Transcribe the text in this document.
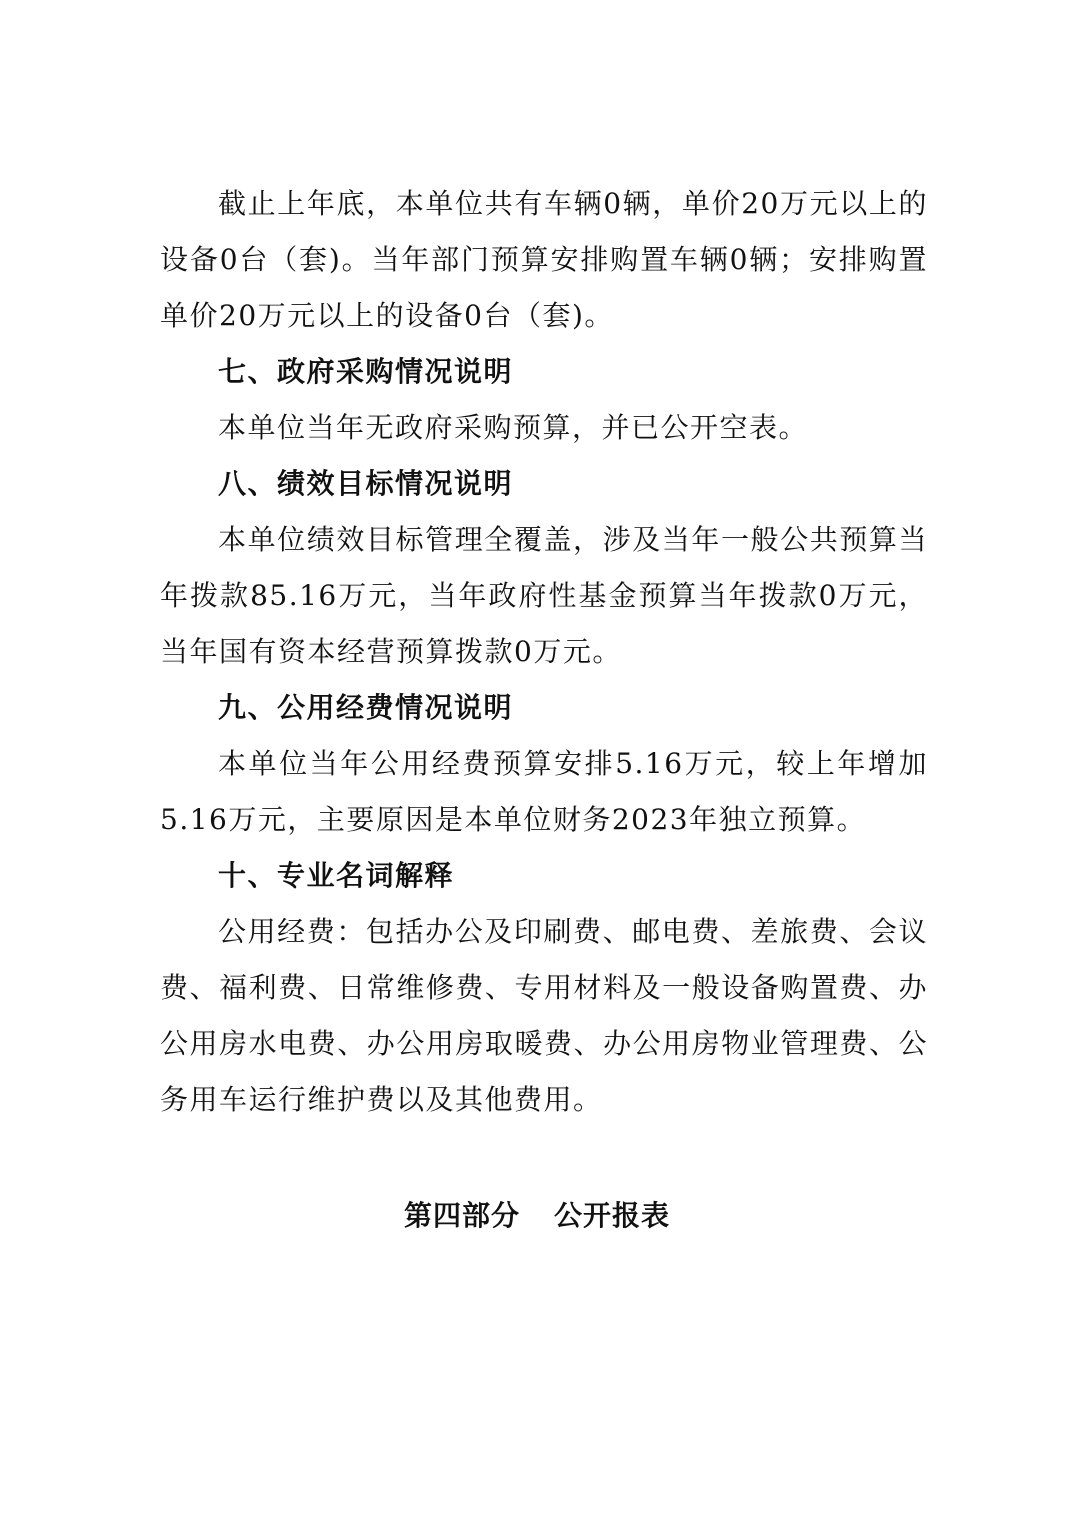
截止上年底，本单位共有车辆0辆，单价20万元以上的设备0台（套)。当年部门预算安排购置车辆0辆；安排购置单价20万元以上的设备0台（套)。

七、政府采购情况说明

本单位当年无政府采购预算，并已公开空表。

八、绩效目标情况说明

本单位绩效目标管理全覆盖，涉及当年一般公共预算当年拨款85.16万元，当年政府性基金预算当年拨款0万元，当年国有资本经营预算拨款0万元。

九、公用经费情况说明

本单位当年公用经费预算安排5.16万元，较上年增加5.16万元，主要原因是本单位财务2023年独立预算。

十、专业名词解释

公用经费：包括办公及印刷费、邮电费、差旅费、会议费、福利费、日常维修费、专用材料及一般设备购置费、办公用房水电费、办公用房取暖费、办公用房物业管理费、公务用车运行维护费以及其他费用。

第四部分 公开报表
